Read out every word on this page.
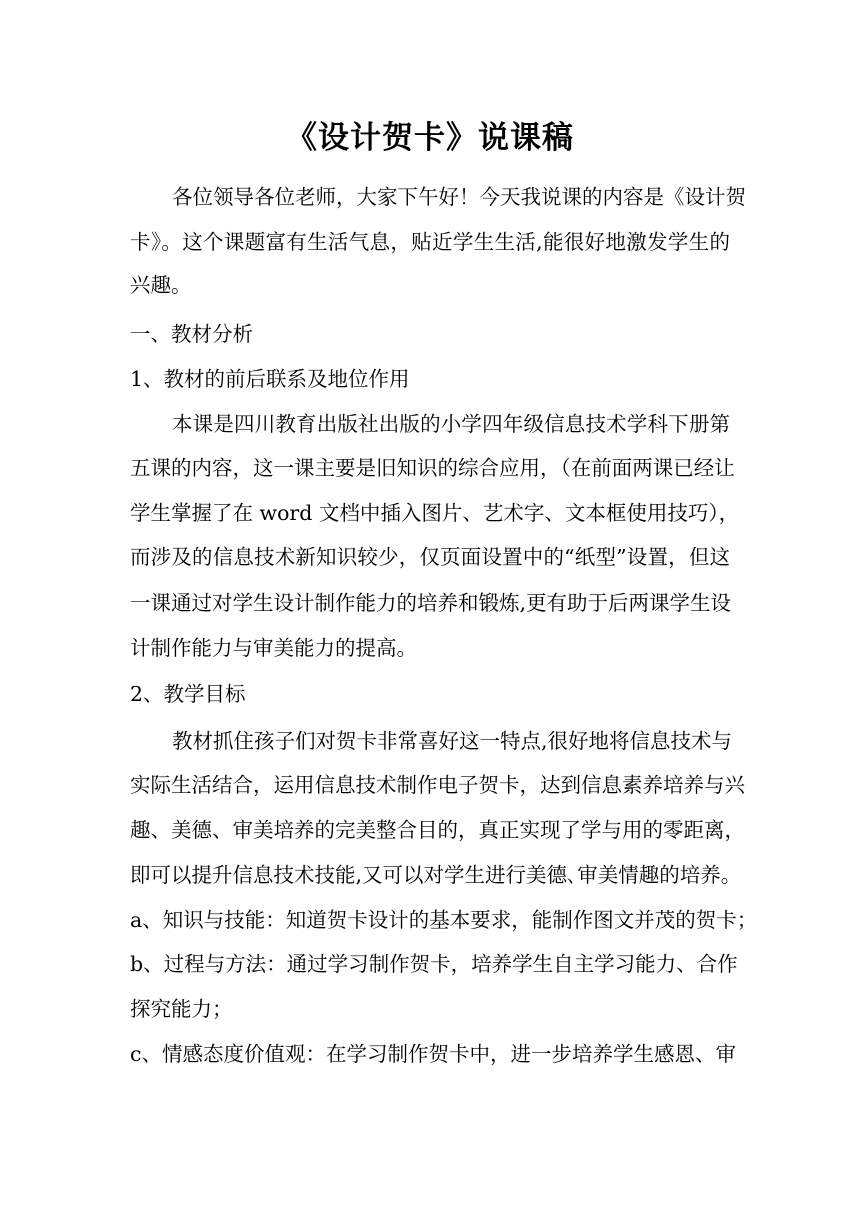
《设计贺卡》说课稿
各位领导各位老师，大家下午好！今天我说课的内容是《设计贺
卡》。这个课题富有生活气息，贴近学生生活,能很好地激发学生的
兴趣。
一、教材分析
1、教材的前后联系及地位作用
本课是四川教育出版社出版的小学四年级信息技术学科下册第
五课的内容，这一课主要是旧知识的综合应用，（在前面两课已经让
学生掌握了在 word 文档中插入图片、艺术字、文本框使用技巧），
而涉及的信息技术新知识较少，仅页面设置中的“纸型”设置，但这
一课通过对学生设计制作能力的培养和锻炼,更有助于后两课学生设
计制作能力与审美能力的提高。
2、教学目标
教材抓住孩子们对贺卡非常喜好这一特点,很好地将信息技术与
实际生活结合，运用信息技术制作电子贺卡，达到信息素养培养与兴
趣、美德、审美培养的完美整合目的，真正实现了学与用的零距离，
即可以提升信息技术技能,又可以对学生进行美德､审美情趣的培养。
a、知识与技能：知道贺卡设计的基本要求，能制作图文并茂的贺卡；
b、过程与方法：通过学习制作贺卡，培养学生自主学习能力、合作
探究能力；
c、情感态度价值观：在学习制作贺卡中，进一步培养学生感恩、审
